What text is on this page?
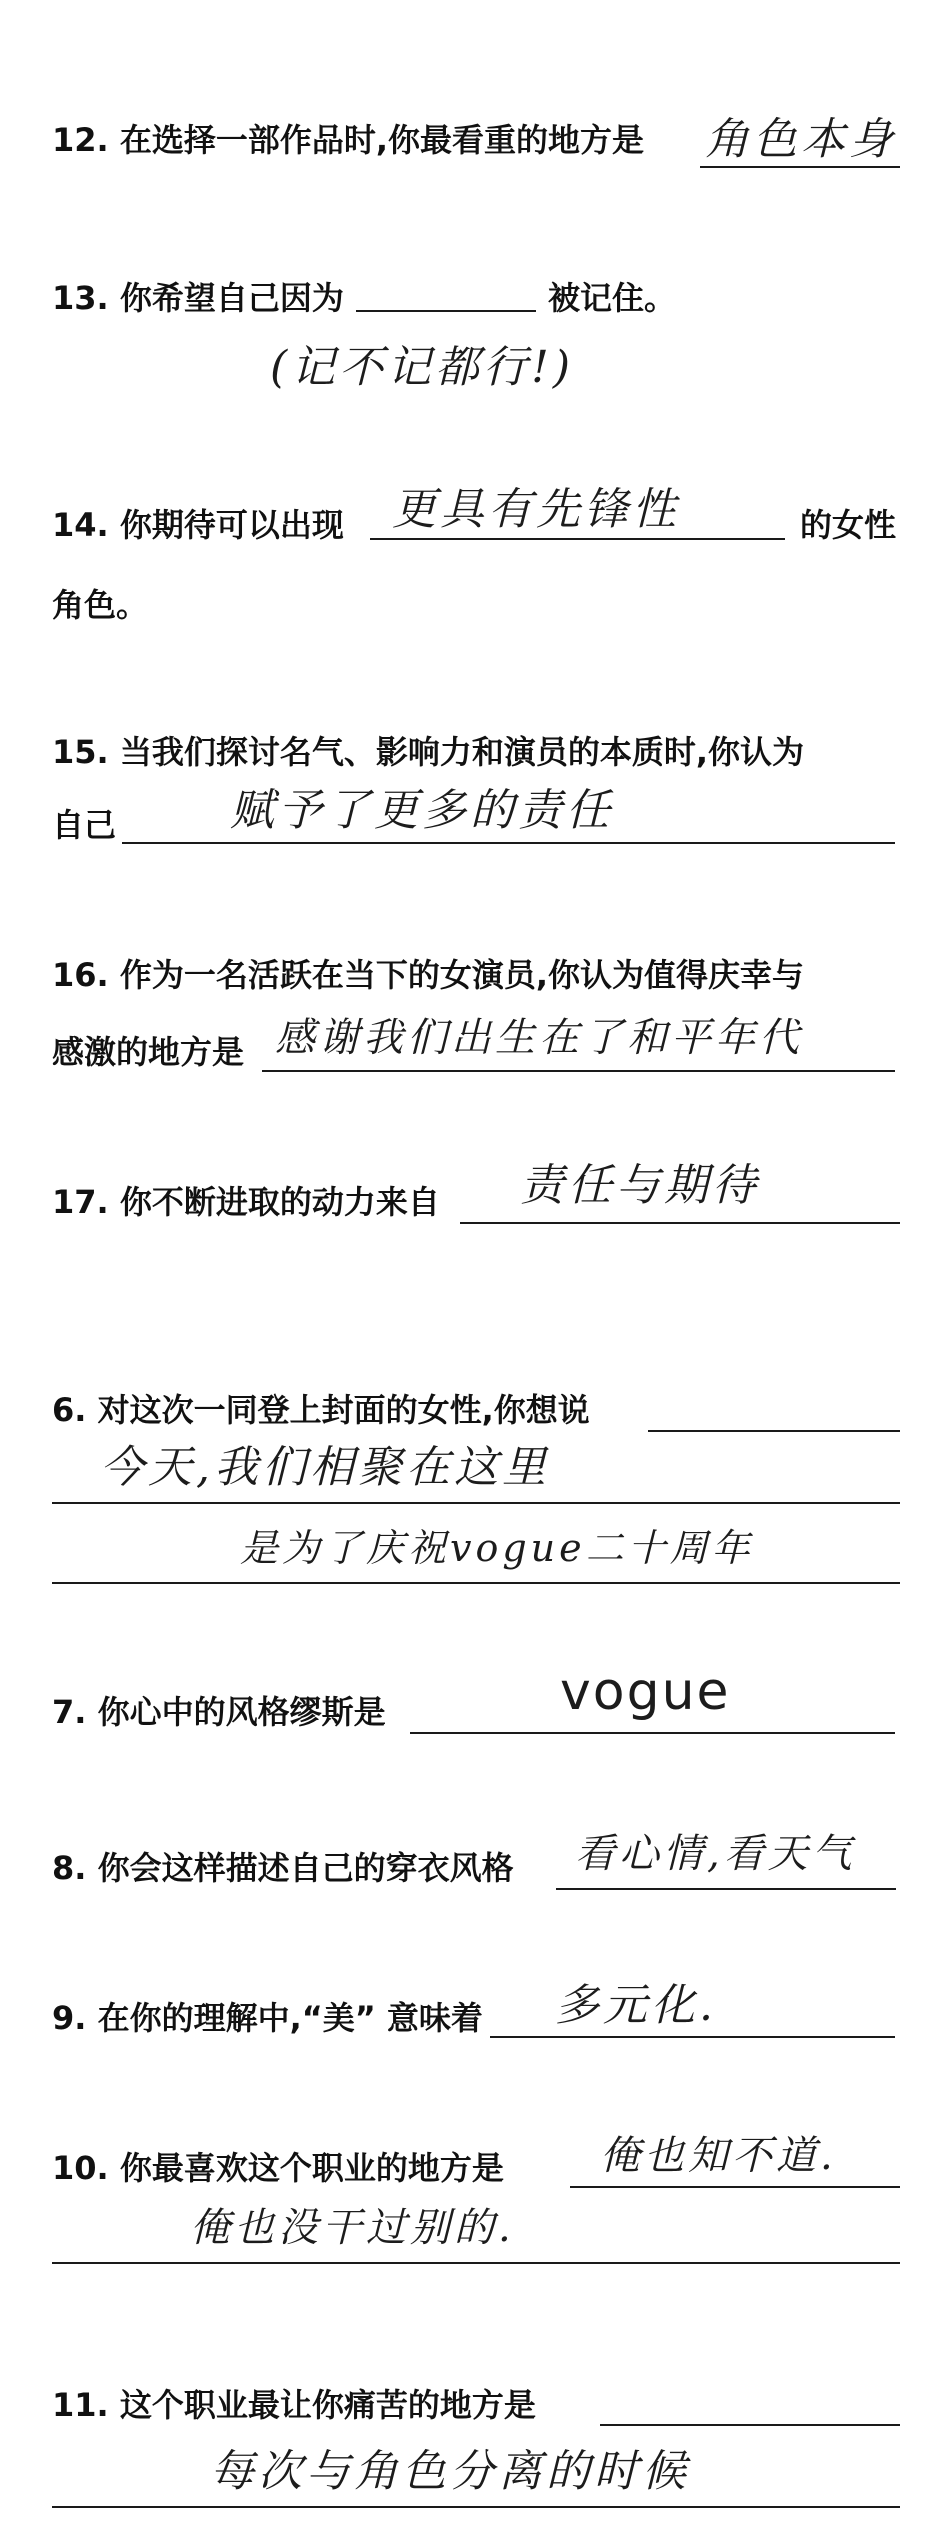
12. 在选择一部作品时,你最看重的地方是 角色本身
13. 你希望自己因为	被记住。
(记不记都行!)
14. 你期待可以出现 更具有先锋性	的女性
角色。
15. 当我们探讨名气、影响力和演员的本质时,你认为
自己	赋予了更多的责任
16. 作为一名活跃在当下的女演员,你认为值得庆幸与
感激的地方是 感谢我们出生在了和平年代
17. 你不断进取的动力来自 责任与期待
6. 对这次一同登上封面的女性,你想说
今天,我们相聚在这里
是为了庆祝vogue二十周年
7. 你心中的风格缪斯是	vogue
8. 你会这样描述自己的穿衣风格 看心情,看天气
9. 在你的理解中,“美” 意味着 多元化.
10. 你最喜欢这个职业的地方是 俺也知不道.
俺也没干过别的.
11. 这个职业最让你痛苦的地方是
每次与角色分离的时候
